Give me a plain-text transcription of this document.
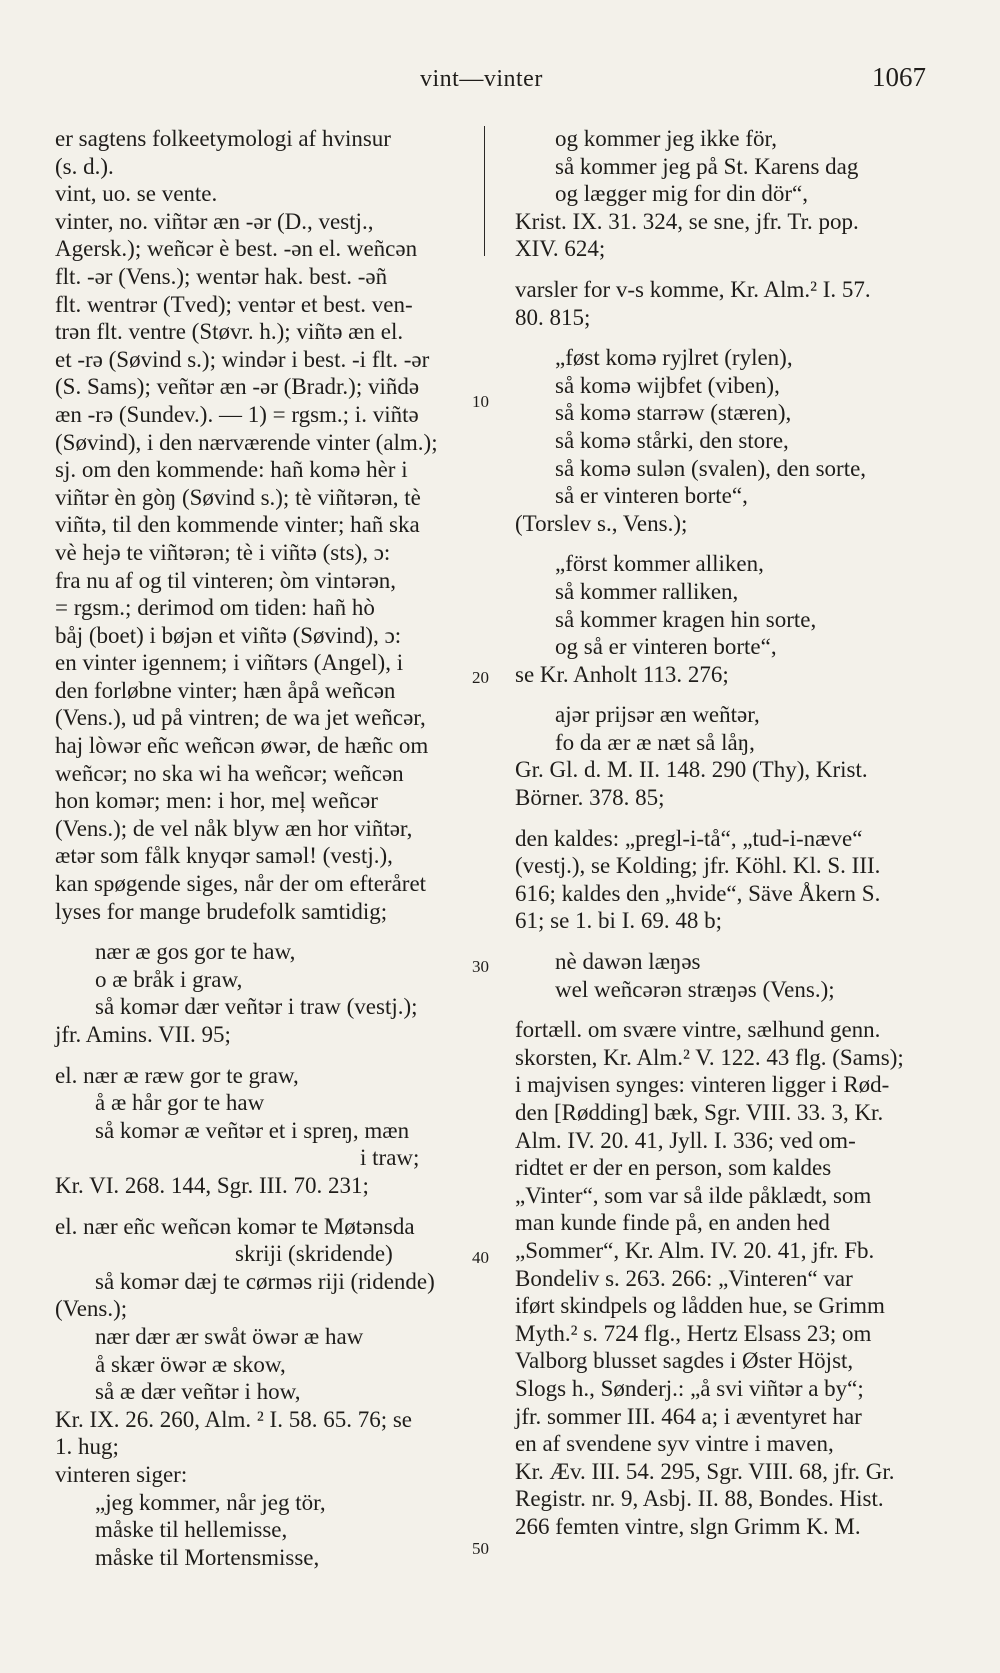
vint—vinter	1067
er sagtens folkeetymologi af hvinsur
(s. d.).
vint, uo. se vente.
vinter, no. viñtər æn -ər (D., vestj.,
Agersk.); weñcər è best. -ən el. weñcən
flt. -ər (Vens.); wentər hak. best. -əñ
flt. wentrər (Tved); ventər et best. ven-
trən flt. ventre (Støvr. h.); viñtə æn el.
et -rə (Søvind s.); windər i best. -i flt. -ər
(S. Sams); veñtər æn -ər (Bradr.); viñdə
æn -rə (Sundev.). — 1) = rgsm.; i. viñtə
(Søvind), i den nærværende vinter (alm.);
sj. om den kommende: hañ komə hèr i
viñtər èn gòŋ (Søvind s.); tè viñtərən, tè
viñtə, til den kommende vinter; hañ ska
vè hejə te viñtərən; tè i viñtə (sts), ɔ:
fra nu af og til vinteren; òm vintərən,
= rgsm.; derimod om tiden: hañ hò
båj (boet) i bøjən et viñtə (Søvind), ɔ:
en vinter igennem; i viñtərs (Angel), i
den forløbne vinter; hæn åpå weñcən
(Vens.), ud på vintren; de wa jet weñcər,
haj lòwər eñc weñcən øwər, de hæñc om
weñcər; no ska wi ha weñcər; weñcən
hon komər; men: i hor, meļ weñcər
(Vens.); de vel nåk blyw æn hor viñtər,
ætər som fålk knyqər saməl! (vestj.),
kan spøgende siges, når der om efteråret
lyses for mange brudefolk samtidig;
nær æ gos gor te haw,
o æ bråk i graw,
så komər dær veñtər i traw (vestj.);
jfr. Amins. VII. 95;
el. nær æ ræw gor te graw,
å æ hår gor te haw
så komər æ veñtər et i spreŋ, mæn
i traw;
Kr. VI. 268. 144, Sgr. III. 70. 231;
el. nær eñc weñcən komər te Møtənsda
skriji (skridende)
så komər dæj te cørməs riji (ridende)
(Vens.);
nær dær ær swåt öwər æ haw
å skær öwər æ skow,
så æ dær veñtər i how,
Kr. IX. 26. 260, Alm. ² I. 58. 65. 76; se
1. hug;
vinteren siger:
„jeg kommer, når jeg tör,
måske til hellemisse,
måske til Mortensmisse,
og kommer jeg ikke för,
så kommer jeg på St. Karens dag
og lægger mig for din dör“,
Krist. IX. 31. 324, se sne, jfr. Tr. pop.
XIV. 624;
varsler for v-s komme, Kr. Alm.² I. 57.
80. 815;
„føst komə ryjlret (rylen),
så komə wijbfet (viben),
så komə starrəw (stæren),
så komə stårki, den store,
så komə sulən (svalen), den sorte,
så er vinteren borte“,
(Torslev s., Vens.);
„först kommer alliken,
så kommer ralliken,
så kommer kragen hin sorte,
og så er vinteren borte“,
se Kr. Anholt 113. 276;
ajər prijsər æn weñtər,
fo da ær æ næt så låŋ,
Gr. Gl. d. M. II. 148. 290 (Thy), Krist.
Börner. 378. 85;
den kaldes: „pregl-i-tå“, „tud-i-næve“
(vestj.), se Kolding; jfr. Köhl. Kl. S. III.
616; kaldes den „hvide“, Säve Åkern S.
61; se 1. bi I. 69. 48 b;
nè dawən læŋəs
wel weñcərən stræŋəs (Vens.);
fortæll. om svære vintre, sælhund genn.
skorsten, Kr. Alm.² V. 122. 43 flg. (Sams);
i majvisen synges: vinteren ligger i Rød-
den [Rødding] bæk, Sgr. VIII. 33. 3, Kr.
Alm. IV. 20. 41, Jyll. I. 336; ved om-
ridtet er der en person, som kaldes
„Vinter“, som var så ilde påklædt, som
man kunde finde på, en anden hed
„Sommer“, Kr. Alm. IV. 20. 41, jfr. Fb.
Bondeliv s. 263. 266: „Vinteren“ var
iført skindpels og lådden hue, se Grimm
Myth.² s. 724 flg., Hertz Elsass 23; om
Valborg blusset sagdes i Øster Höjst,
Slogs h., Sønderj.: „å svi viñtər a by“;
jfr. sommer III. 464 a; i æventyret har
en af svendene syv vintre i maven,
Kr. Æv. III. 54. 295, Sgr. VIII. 68, jfr. Gr.
Registr. nr. 9, Asbj. II. 88, Bondes. Hist.
266 femten vintre, slgn Grimm K. M.
10
20
30
40
50
